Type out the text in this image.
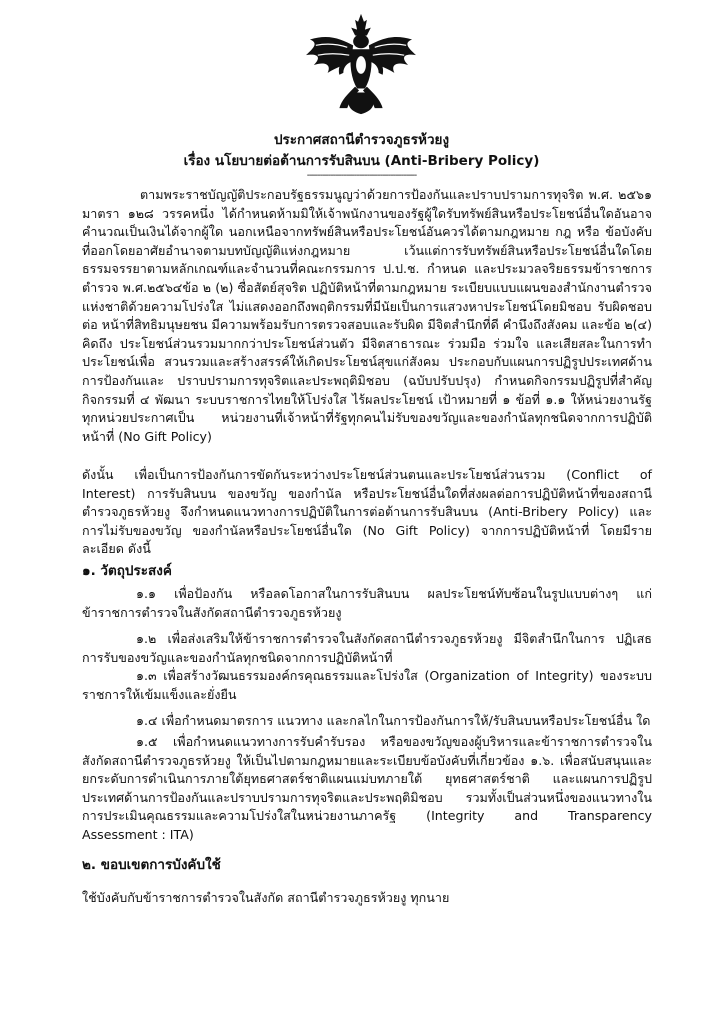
ประกาศสถานีตำรวจภูธรห้วยงู
เรื่อง นโยบายต่อต้านการรับสินบน (Anti-Bribery Policy)
------------------------------------------

ตามพระราชบัญญัติประกอบรัฐธรรมนูญว่าด้วยการป้องกันและปราบปรามการทุจริต พ.ศ. ๒๕๖๑ มาตรา ๑๒๘ วรรคหนึ่ง ได้กำหนดห้ามมิให้เจ้าพนักงานของรัฐผู้ใดรับทรัพย์สินหรือประโยชน์อื่นใดอันอาจคำนวณเป็นเงินได้จากผู้ใด นอกเหนือจากทรัพย์สินหรือประโยชน์อันควรได้ตามกฎหมาย กฎ หรือ ข้อบังคับที่ออกโดยอาศัยอำนาจตามบทบัญญัติแห่งกฎหมาย เว้นแต่การรับทรัพย์สินหรือประโยชน์อื่นใดโดย ธรรมจรรยาตามหลักเกณฑ์และจำนวนที่คณะกรรมการ ป.ป.ช. กำหนด และประมวลจริยธรรมข้าราชการ ตำรวจ พ.ศ.๒๕๖๔ข้อ ๒ (๒) ซื่อสัตย์สุจริต ปฏิบัติหน้าที่ตามกฎหมาย ระเบียบแบบแผนของสำนักงานตำรวจ แห่งชาติด้วยความโปร่งใส ไม่แสดงออกถึงพฤติกรรมที่มีนัยเป็นการแสวงหาประโยชน์โดยมิชอบ รับผิดชอบต่อ หน้าที่สิทธิมนุษยชน มีความพร้อมรับการตรวจสอบและรับผิด มีจิตสำนึกที่ดี คำนึงถึงสังคม และข้อ ๒(๔) คิดถึง ประโยชน์ส่วนรวมมากกว่าประโยชน์ส่วนตัว มีจิตสาธารณะ ร่วมมือ ร่วมใจ และเสียสละในการทำประโยชน์เพื่อ สวนรวมและสร้างสรรค์ให้เกิดประโยชน์สุขแก่สังคม ประกอบกับแผนการปฏิรูปประเทศด้านการป้องกันและ ปราบปรามการทุจริตและประพฤติมิชอบ (ฉบับปรับปรุง) กำหนดกิจกรรมปฏิรูปที่สำคัญ กิจกรรมที่ ๔ พัฒนา ระบบราชการไทยให้โปร่งใส ไร้ผลประโยชน์ เป้าหมายที่ ๑ ข้อที่ ๑.๑ ให้หน่วยงานรัฐทุกหน่วยประกาศเป็น หน่วยงานที่เจ้าหน้าที่รัฐทุกคนไม่รับของขวัญและของกำนัลทุกชนิดจากการปฏิบัติหน้าที่ (No Gift Policy)

ดังนั้น เพื่อเป็นการป้องกันการขัดกันระหว่างประโยชน์ส่วนตนและประโยชน์ส่วนรวม (Conflict of Interest) การรับสินบน ของขวัญ ของกำนัล หรือประโยชน์อื่นใดที่ส่งผลต่อการปฏิบัติหน้าที่ของสถานี ตำรวจภูธรห้วยงู จึงกำหนดแนวทางการปฏิบัติในการต่อต้านการรับสินบน (Anti-Bribery Policy) และ การไม่รับของขวัญ ของกำนัลหรือประโยชน์อื่นใด (No Gift Policy) จากการปฏิบัติหน้าที่ โดยมีรายละเอียด ดังนี้

๑. วัตถุประสงค์

๑.๑ เพื่อป้องกัน หรือลดโอกาสในการรับสินบน ผลประโยชน์ทับซ้อนในรูปแบบต่างๆ แก่ ข้าราชการตำรวจในสังกัดสถานีตำรวจภูธรห้วยงู

๑.๒ เพื่อส่งเสริมให้ข้าราชการตำรวจในสังกัดสถานีตำรวจภูธรห้วยงู มีจิตสำนึกในการ ปฏิเสธ การรับของขวัญและของกำนัลทุกชนิดจากการปฏิบัติหน้าที่

๑.๓ เพื่อสร้างวัฒนธรรมองค์กรคุณธรรมและโปร่งใส (Organization of Integrity) ของระบบราชการให้เข้มแข็งและยั่งยืน

๑.๔ เพื่อกำหนดมาตรการ แนวทาง และกลไกในการป้องกันการให้/รับสินบนหรือประโยชน์อื่น ใด

๑.๕ เพื่อกำหนดแนวทางการรับคำรับรอง หรือของขวัญของผู้บริหารและข้าราชการตำรวจใน สังกัดสถานีตำรวจภูธรห้วยงู ให้เป็นไปตามกฎหมายและระเบียบข้อบังคับที่เกี่ยวข้อง ๑.๖. เพื่อสนับสนุนและยกระดับการดำเนินการภายใต้ยุทธศาสตร์ชาติแผนแม่บทภายใต้ ยุทธศาสตร์ชาติ และแผนการปฏิรูปประเทศด้านการป้องกันและปราบปรามการทุจริตและประพฤติมิชอบ รวมทั้งเป็นส่วนหนึ่งของแนวทางในการประเมินคุณธรรมและความโปร่งใสในหน่วยงานภาครัฐ (Integrity and Transparency Assessment : ITA)

๒. ขอบเขตการบังคับใช้

ใช้บังคับกับข้าราชการตำรวจในสังกัด สถานีตำรวจภูธรห้วยงู ทุกนาย
